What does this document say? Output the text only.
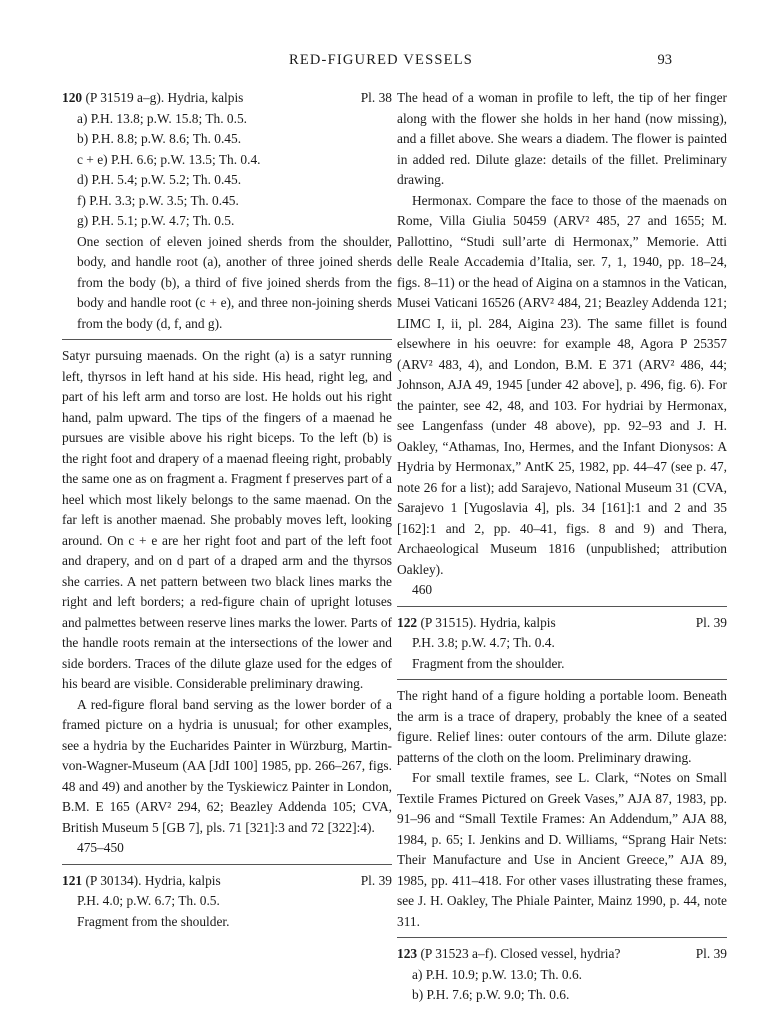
RED-FIGURED VESSELS	93
120 (P 31519 a–g). Hydria, kalpis	Pl. 38
a) P.H. 13.8; p.W. 15.8; Th. 0.5.
b) P.H. 8.8; p.W. 8.6; Th. 0.45.
c + e) P.H. 6.6; p.W. 13.5; Th. 0.4.
d) P.H. 5.4; p.W. 5.2; Th. 0.45.
f) P.H. 3.3; p.W. 3.5; Th. 0.45.
g) P.H. 5.1; p.W. 4.7; Th. 0.5.
One section of eleven joined sherds from the shoulder, body, and handle root (a), another of three joined sherds from the body (b), a third of five joined sherds from the body and handle root (c + e), and three non-joining sherds from the body (d, f, and g).
Satyr pursuing maenads. On the right (a) is a satyr running left, thyrsos in left hand at his side. His head, right leg, and part of his left arm and torso are lost. He holds out his right hand, palm upward. The tips of the fingers of a maenad he pursues are visible above his right biceps. To the left (b) is the right foot and drapery of a maenad fleeing right, probably the same one as on fragment a. Fragment f preserves part of a heel which most likely belongs to the same maenad. On the far left is another maenad. She probably moves left, looking around. On c + e are her right foot and part of the left foot and drapery, and on d part of a draped arm and the thyrsos she carries. A net pattern between two black lines marks the right and left borders; a red-figure chain of upright lotuses and palmettes between reserve lines marks the lower. Parts of the handle roots remain at the intersections of the lower and side borders. Traces of the dilute glaze used for the edges of his beard are visible. Considerable preliminary drawing.
A red-figure floral band serving as the lower border of a framed picture on a hydria is unusual; for other examples, see a hydria by the Eucharides Painter in Würzburg, Martin-von-Wagner-Museum (AA [JdI 100] 1985, pp. 266–267, figs. 48 and 49) and another by the Tyskiewicz Painter in London, B.M. E 165 (ARV² 294, 62; Beazley Addenda 105; CVA, British Museum 5 [GB 7], pls. 71 [321]:3 and 72 [322]:4).
475–450
121 (P 30134). Hydria, kalpis	Pl. 39
P.H. 4.0; p.W. 6.7; Th. 0.5.
Fragment from the shoulder.
The head of a woman in profile to left, the tip of her finger along with the flower she holds in her hand (now missing), and a fillet above. She wears a diadem. The flower is painted in added red. Dilute glaze: details of the fillet. Preliminary drawing.
Hermonax. Compare the face to those of the maenads on Rome, Villa Giulia 50459 (ARV² 485, 27 and 1655; M. Pallottino, “Studi sull’arte di Hermonax,” Memorie. Atti delle Reale Accademia d’Italia, ser. 7, 1, 1940, pp. 18–24, figs. 8–11) or the head of Aigina on a stamnos in the Vatican, Musei Vaticani 16526 (ARV² 484, 21; Beazley Addenda 121; LIMC I, ii, pl. 284, Aigina 23). The same fillet is found elsewhere in his oeuvre: for example 48, Agora P 25357 (ARV² 483, 4), and London, B.M. E 371 (ARV² 486, 44; Johnson, AJA 49, 1945 [under 42 above], p. 496, fig. 6). For the painter, see 42, 48, and 103. For hydriai by Hermonax, see Langenfass (under 48 above), pp. 92–93 and J. H. Oakley, “Athamas, Ino, Hermes, and the Infant Dionysos: A Hydria by Hermonax,” AntK 25, 1982, pp. 44–47 (see p. 47, note 26 for a list); add Sarajevo, National Museum 31 (CVA, Sarajevo 1 [Yugoslavia 4], pls. 34 [161]:1 and 2 and 35 [162]:1 and 2, pp. 40–41, figs. 8 and 9) and Thera, Archaeological Museum 1816 (unpublished; attribution Oakley).
460
122 (P 31515). Hydria, kalpis	Pl. 39
P.H. 3.8; p.W. 4.7; Th. 0.4.
Fragment from the shoulder.
The right hand of a figure holding a portable loom. Beneath the arm is a trace of drapery, probably the knee of a seated figure. Relief lines: outer contours of the arm. Dilute glaze: patterns of the cloth on the loom. Preliminary drawing.
For small textile frames, see L. Clark, “Notes on Small Textile Frames Pictured on Greek Vases,” AJA 87, 1983, pp. 91–96 and “Small Textile Frames: An Addendum,” AJA 88, 1984, p. 65; I. Jenkins and D. Williams, “Sprang Hair Nets: Their Manufacture and Use in Ancient Greece,” AJA 89, 1985, pp. 411–418. For other vases illustrating these frames, see J. H. Oakley, The Phiale Painter, Mainz 1990, p. 44, note 311.
123 (P 31523 a–f). Closed vessel, hydria?	Pl. 39
a) P.H. 10.9; p.W. 13.0; Th. 0.6.
b) P.H. 7.6; p.W. 9.0; Th. 0.6.
